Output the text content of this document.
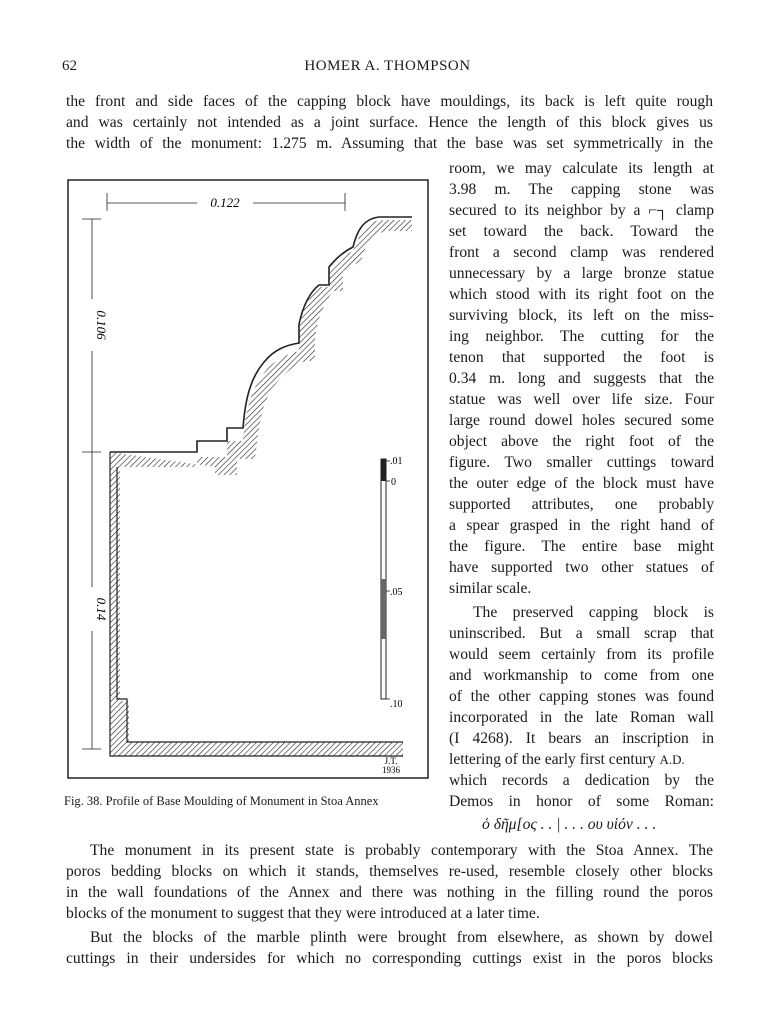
62	HOMER A. THOMPSON
the front and side faces of the capping block have mouldings, its back is left quite rough
and was certainly not intended as a joint surface. Hence the length of this block gives us
the width of the monument: 1.275 m. Assuming that the base was set symmetrically in the
room, we may calculate its length at
3.98 m. The capping stone was
secured to its neighbor by a ⌐┐ clamp
set toward the back. Toward the
front a second clamp was rendered
unnecessary by a large bronze statue
which stood with its right foot on the
surviving block, its left on the miss-
ing neighbor. The cutting for the
tenon that supported the foot is
0.34 m. long and suggests that the
statue was well over life size. Four
large round dowel holes secured some
object above the right foot of the
figure. Two smaller cuttings toward
the outer edge of the block must have
supported attributes, one probably
a spear grasped in the right hand of
the figure. The entire base might
have supported two other statues of
similar scale.
The preserved capping block is
uninscribed. But a small scrap that
would seem certainly from its profile
and workmanship to come from one
of the other capping stones was found
incorporated in the late Roman wall
(I 4268). It bears an inscription in
lettering of the early first century A.D.
which records a dedication by the
Demos in honor of some Roman:
ὁ δῆμ[ος . . | . . . ου υἱόν . . .
0.122
0.106
0.14
.01
0
.05
.10
J.T.
1936
Fig. 38. Profile of Base Moulding of Monument in Stoa Annex
The monument in its present state is probably contemporary with the Stoa Annex. The
poros bedding blocks on which it stands, themselves re-used, resemble closely other blocks
in the wall foundations of the Annex and there was nothing in the filling round the poros
blocks of the monument to suggest that they were introduced at a later time.
But the blocks of the marble plinth were brought from elsewhere, as shown by dowel
cuttings in their undersides for which no corresponding cuttings exist in the poros blocks
